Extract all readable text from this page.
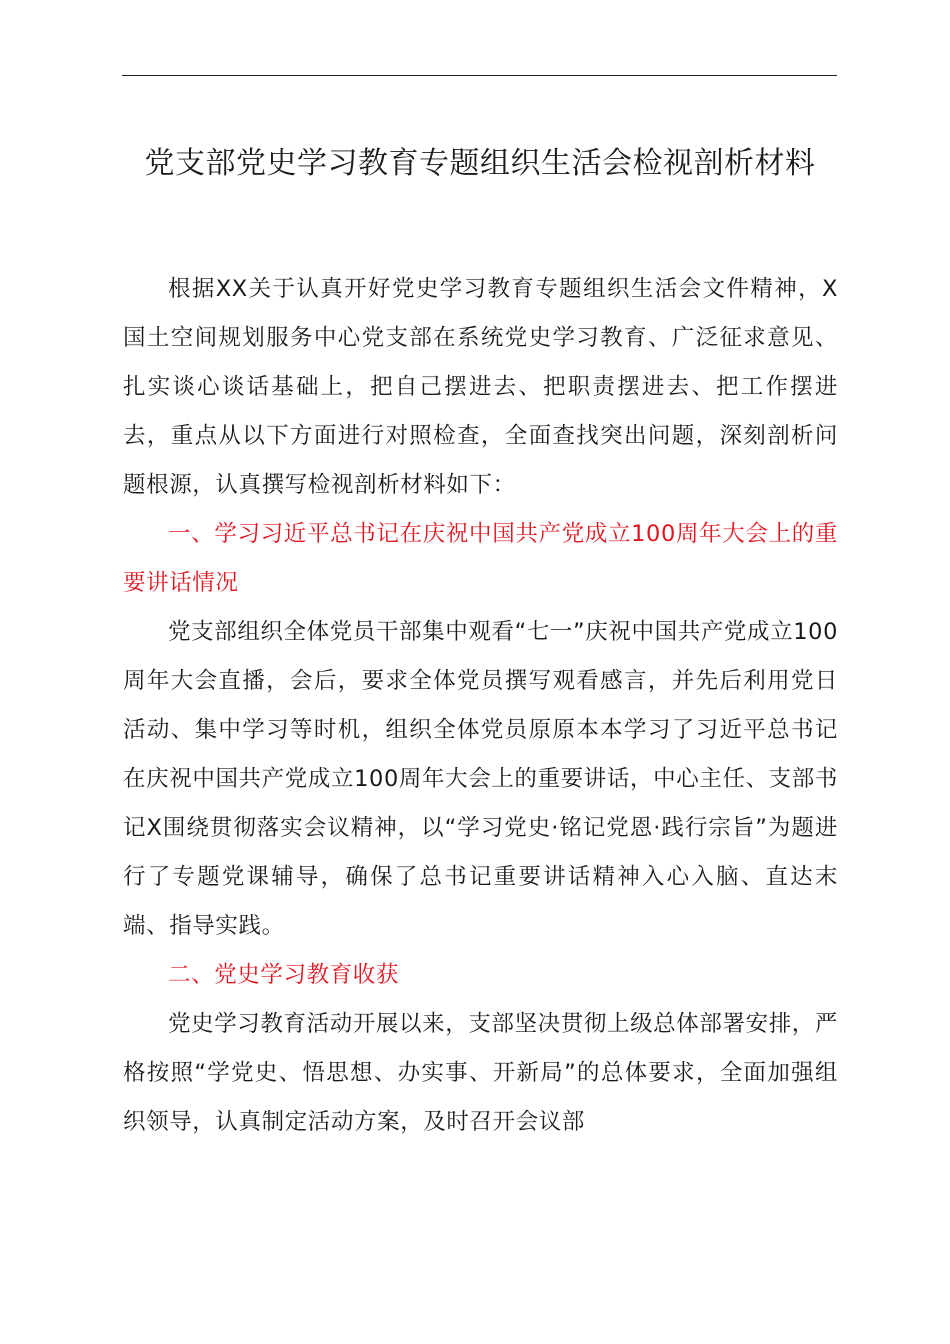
党支部党史学习教育专题组织生活会检视剖析材料

根据XX关于认真开好党史学习教育专题组织生活会文件精神，X国土空间规划服务中心党支部在系统党史学习教育、广泛征求意见、扎实谈心谈话基础上，把自己摆进去、把职责摆进去、把工作摆进去，重点从以下方面进行对照检查，全面查找突出问题，深刻剖析问题根源，认真撰写检视剖析材料如下：

一、学习习近平总书记在庆祝中国共产党成立100周年大会上的重要讲话情况

党支部组织全体党员干部集中观看“七一”庆祝中国共产党成立100周年大会直播，会后，要求全体党员撰写观看感言，并先后利用党日活动、集中学习等时机，组织全体党员原原本本学习了习近平总书记在庆祝中国共产党成立100周年大会上的重要讲话，中心主任、支部书记X围绕贯彻落实会议精神，以“学习党史·铭记党恩·践行宗旨”为题进行了专题党课辅导，确保了总书记重要讲话精神入心入脑、直达末端、指导实践。

二、党史学习教育收获

党史学习教育活动开展以来，支部坚决贯彻上级总体部署安排，严格按照“学党史、悟思想、办实事、开新局”的总体要求，全面加强组织领导，认真制定活动方案，及时召开会议部
